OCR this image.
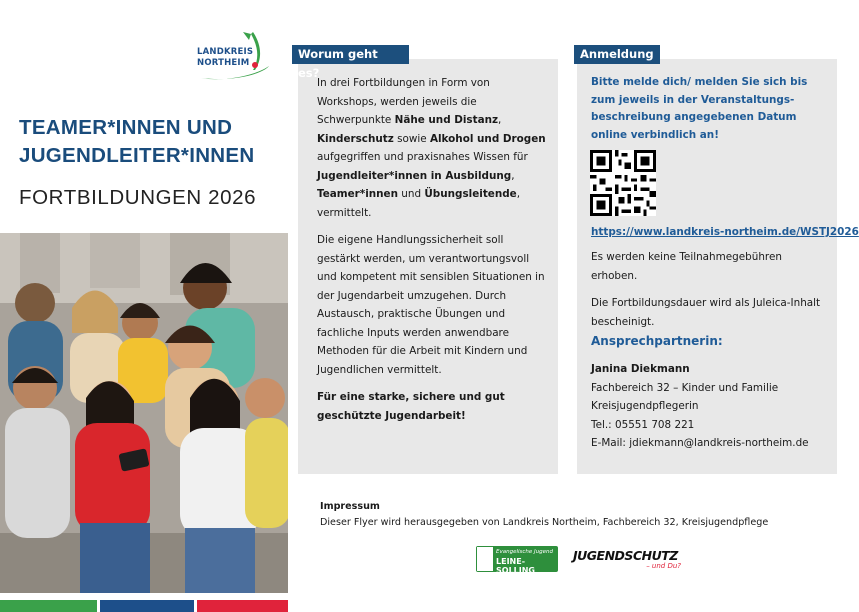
LANDKREIS
NORTHEIM
TEAMER*INNEN UND
JUGENDLEITER*INNEN
FORTBILDUNGEN 2026
Worum geht es?

In drei Fortbildungen in Form von Workshops, werden jeweils die Schwerpunkte Nähe und Distanz, Kinderschutz sowie Alkohol und Drogen aufgegriffen und praxisnahes Wissen für Jugendleiter*innen in Ausbildung, Teamer*innen und Übungsleitende, vermittelt.

Die eigene Handlungssicherheit soll gestärkt werden, um verantwortungsvoll und kompetent mit sensiblen Situationen in der Jugendarbeit umzugehen. Durch Austausch, praktische Übungen und fachliche Inputs werden anwendbare Methoden für die Arbeit mit Kindern und Jugendlichen vermittelt.

Für eine starke, sichere und gut geschützte Jugendarbeit!

Anmeldung

Bitte melde dich/ melden Sie sich bis zum jeweils in der Veranstaltungs-beschreibung angegebenen Datum online verbindlich an!

https://www.landkreis-northeim.de/WSTJ2026

Es werden keine Teilnahmegebühren erhoben.

Die Fortbildungsdauer wird als Juleica-Inhalt bescheinigt.

Ansprechpartnerin:
Janina Diekmann
Fachbereich 32 – Kinder und Familie
Kreisjugendpflegerin
Tel.: 05551 708 221
E-Mail: jdiekmann@landkreis-northeim.de
Impressum
Dieser Flyer wird herausgegeben von Landkreis Northeim, Fachbereich 32, Kreisjugendpflege
Evangelische Jugend
LEINE-SOLLING
JUGENDSCHUTZ
– und Du?
